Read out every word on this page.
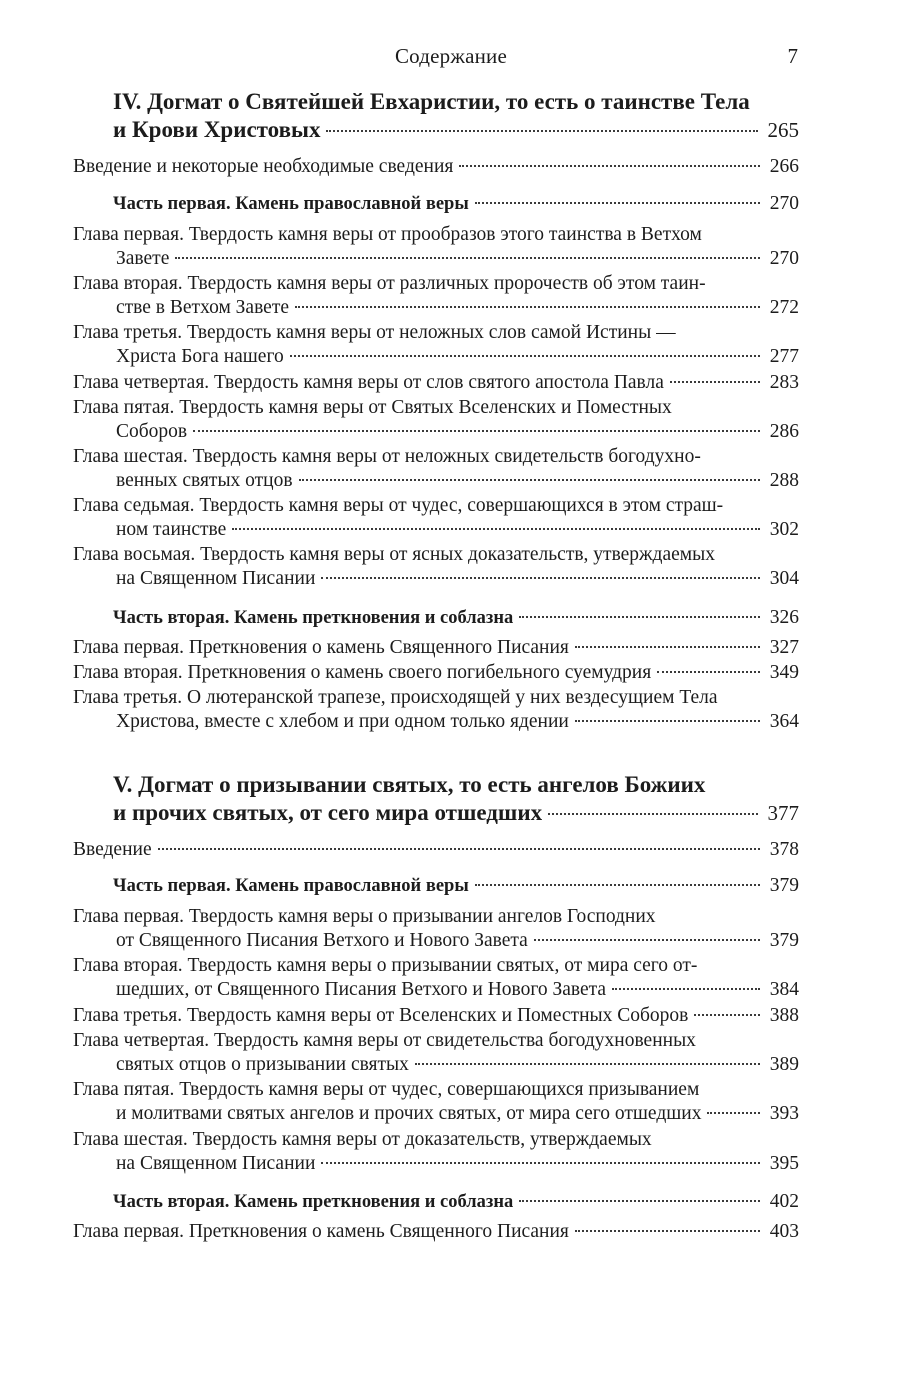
Содержание	7
IV. Догмат о Святейшей Евхаристии, то есть о таинстве Тела
и Крови Христовых	265
Введение и некоторые необходимые сведения	266
Часть первая. Камень православной веры	270
Глава первая. Твердость камня веры от прообразов этого таинства в Ветхом
Завете	270
Глава вторая. Твердость камня веры от различных пророчеств об этом таин-
стве в Ветхом Завете	272
Глава третья. Твердость камня веры от неложных слов самой Истины —
Христа Бога нашего	277
Глава четвертая. Твердость камня веры от слов святого апостола Павла	283
Глава пятая. Твердость камня веры от Святых Вселенских и Поместных
Соборов	286
Глава шестая. Твердость камня веры от неложных свидетельств богодухно-
венных святых отцов	288
Глава седьмая. Твердость камня веры от чудес, совершающихся в этом страш-
ном таинстве	302
Глава восьмая. Твердость камня веры от ясных доказательств, утверждаемых
на Священном Писании	304
Часть вторая. Камень преткновения и соблазна	326
Глава первая. Преткновения о камень Священного Писания	327
Глава вторая. Преткновения о камень своего погибельного суемудрия	349
Глава третья. О лютеранской трапезе, происходящей у них вездесущием Тела
Христова, вместе с хлебом и при одном только ядении	364
V. Догмат о призывании святых, то есть ангелов Божиих
и прочих святых, от сего мира отшедших	377
Введение	378
Часть первая. Камень православной веры	379
Глава первая. Твердость камня веры о призывании ангелов Господних
от Священного Писания Ветхого и Нового Завета	379
Глава вторая. Твердость камня веры о призывании святых, от мира сего от-
шедших, от Священного Писания Ветхого и Нового Завета	384
Глава третья. Твердость камня веры от Вселенских и Поместных Соборов	388
Глава четвертая. Твердость камня веры от свидетельства богодухновенных
святых отцов о призывании святых	389
Глава пятая. Твердость камня веры от чудес, совершающихся призыванием
и молитвами святых ангелов и прочих святых, от мира сего отшедших	393
Глава шестая. Твердость камня веры от доказательств, утверждаемых
на Священном Писании	395
Часть вторая. Камень преткновения и соблазна	402
Глава первая. Преткновения о камень Священного Писания	403
